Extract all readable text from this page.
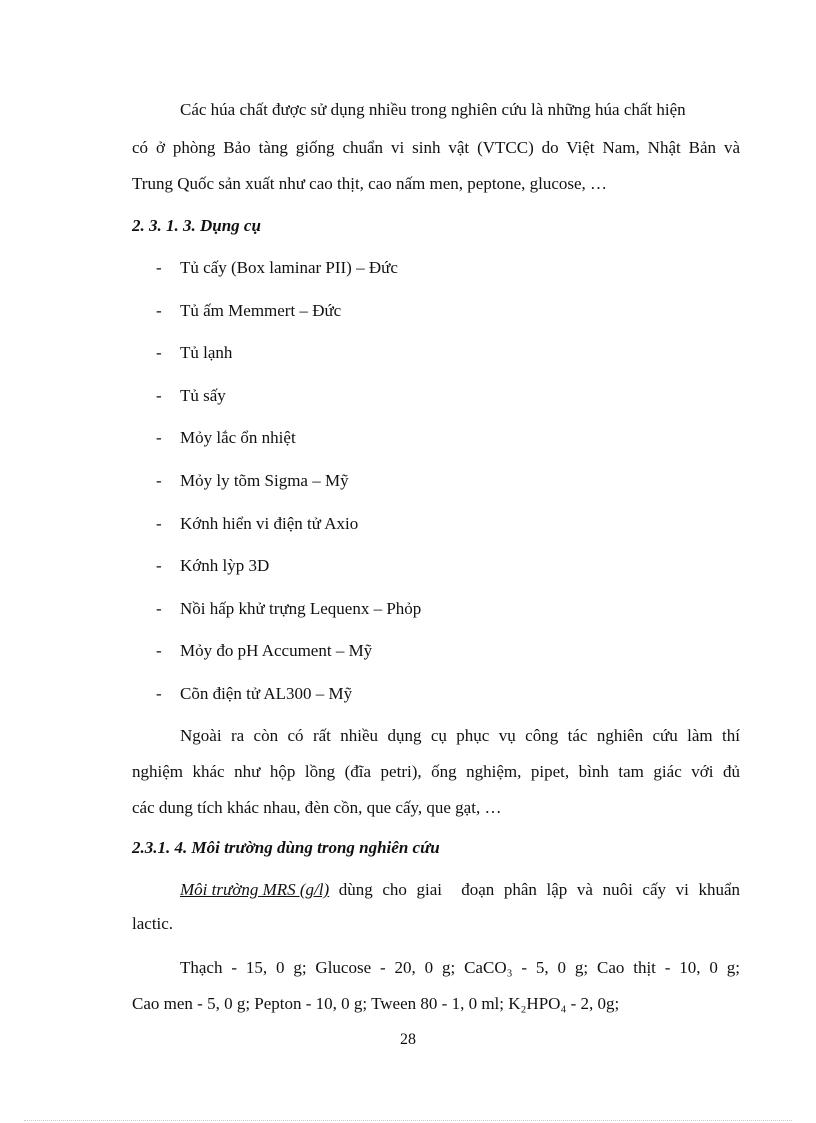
Các húa chất được sử dụng nhiều trong nghiên cứu là những húa chất hiện
có ở phòng Bảo tàng giống chuẩn vi sinh vật (VTCC) do Việt Nam, Nhật Bản và
Trung Quốc sản xuất như cao thịt, cao nấm men, peptone, glucose, …
2. 3. 1. 3. Dụng cụ
- Tủ cấy (Box laminar PII) – Đức
- Tủ ấm Memmert – Đức
- Tủ lạnh
- Tủ sấy
- Mỏy lắc ổn nhiệt
- Mỏy ly tõm Sigma – Mỹ
- Kớnh hiển vi điện tử Axio
- Kớnh lỳp 3D
- Nồi hấp khử trựng Lequenx – Phỏp
- Mỏy đo pH Accument – Mỹ
- Cõn điện tử AL300 – Mỹ
Ngoài ra còn có rất nhiều dụng cụ phục vụ công tác nghiên cứu làm thí
nghiệm khác như hộp lồng (đĩa petri), ống nghiệm, pipet, bình tam giác với đủ
các dung tích khác nhau, đèn cồn, que cấy, que gạt, …
2.3.1. 4. Môi trường dùng trong nghiên cứu
Môi trường MRS (g/l) dùng cho giai  đoạn phân lập và nuôi cấy vi khuẩn
lactic.
Thạch - 15, 0 g; Glucose - 20, 0 g; CaCO₃ - 5, 0 g; Cao thịt - 10, 0 g;
Cao men - 5, 0 g; Pepton - 10, 0 g; Tween 80 - 1, 0 ml; K₂HPO₄ - 2, 0g;
28
